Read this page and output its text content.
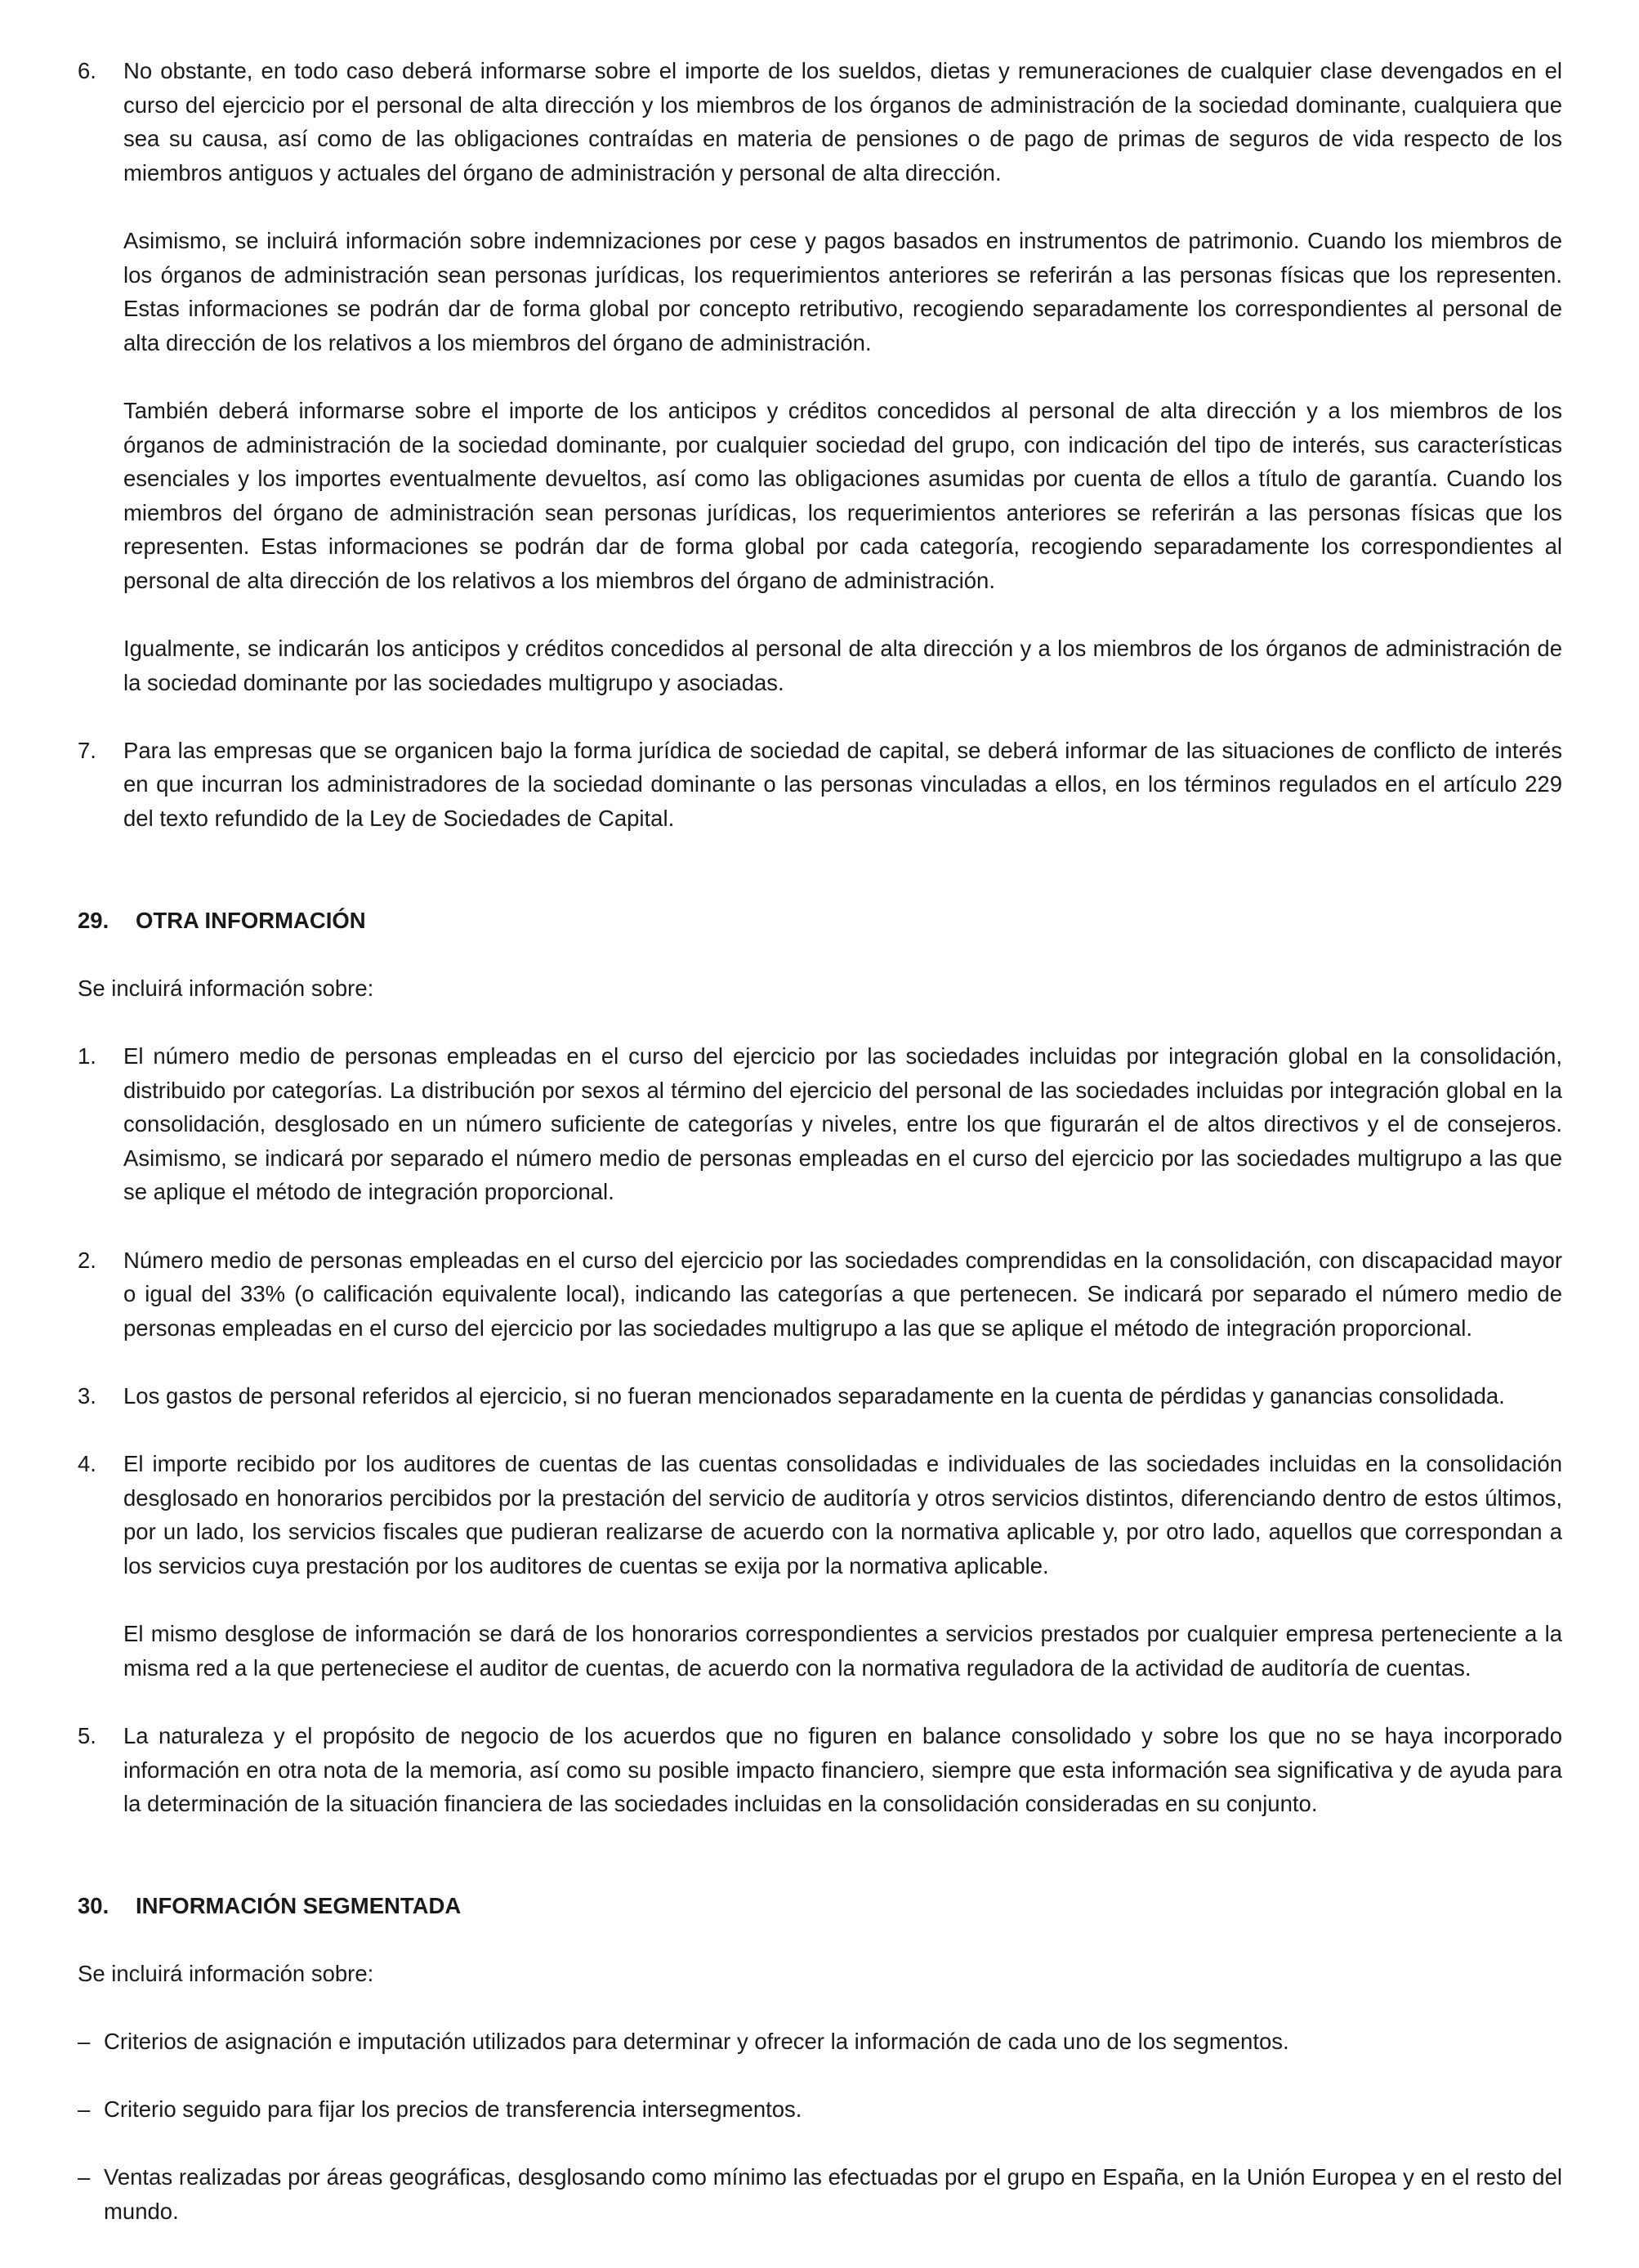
6.	No obstante, en todo caso deberá informarse sobre el importe de los sueldos, dietas y remuneraciones de cualquier clase devengados en el curso del ejercicio por el personal de alta dirección y los miembros de los órganos de administración de la sociedad dominante, cualquiera que sea su causa, así como de las obligaciones contraídas en materia de pensiones o de pago de primas de seguros de vida respecto de los miembros antiguos y actuales del órgano de administración y personal de alta dirección.

Asimismo, se incluirá información sobre indemnizaciones por cese y pagos basados en instrumentos de patrimonio. Cuando los miembros de los órganos de administración sean personas jurídicas, los requerimientos anteriores se referirán a las personas físicas que los representen. Estas informaciones se podrán dar de forma global por concepto retributivo, recogiendo separadamente los correspondientes al personal de alta dirección de los relativos a los miembros del órgano de administración.

También deberá informarse sobre el importe de los anticipos y créditos concedidos al personal de alta dirección y a los miembros de los órganos de administración de la sociedad dominante, por cualquier sociedad del grupo, con indicación del tipo de interés, sus características esenciales y los importes eventualmente devueltos, así como las obligaciones asumidas por cuenta de ellos a título de garantía. Cuando los miembros del órgano de administración sean personas jurídicas, los requerimientos anteriores se referirán a las personas físicas que los representen. Estas informaciones se podrán dar de forma global por cada categoría, recogiendo separadamente los correspondientes al personal de alta dirección de los relativos a los miembros del órgano de administración.

Igualmente, se indicarán los anticipos y créditos concedidos al personal de alta dirección y a los miembros de los órganos de administración de la sociedad dominante por las sociedades multigrupo y asociadas.

7.	Para las empresas que se organicen bajo la forma jurídica de sociedad de capital, se deberá informar de las situaciones de conflicto de interés en que incurran los administradores de la sociedad dominante o las personas vinculadas a ellos, en los términos regulados en el artículo 229 del texto refundido de la Ley de Sociedades de Capital.

29.	OTRA INFORMACIÓN
Se incluirá información sobre:
1.	El número medio de personas empleadas en el curso del ejercicio por las sociedades incluidas por integración global en la consolidación, distribuido por categorías. La distribución por sexos al término del ejercicio del personal de las sociedades incluidas por integración global en la consolidación, desglosado en un número suficiente de categorías y niveles, entre los que figurarán el de altos directivos y el de consejeros. Asimismo, se indicará por separado el número medio de personas empleadas en el curso del ejercicio por las sociedades multigrupo a las que se aplique el método de integración proporcional.

2.	Número medio de personas empleadas en el curso del ejercicio por las sociedades comprendidas en la consolidación, con discapacidad mayor o igual del 33% (o calificación equivalente local), indicando las categorías a que pertenecen. Se indicará por separado el número medio de personas empleadas en el curso del ejercicio por las sociedades multigrupo a las que se aplique el método de integración proporcional.

3.	Los gastos de personal referidos al ejercicio, si no fueran mencionados separadamente en la cuenta de pérdidas y ganancias consolidada.

4.	El importe recibido por los auditores de cuentas de las cuentas consolidadas e individuales de las sociedades incluidas en la consolidación desglosado en honorarios percibidos por la prestación del servicio de auditoría y otros servicios distintos, diferenciando dentro de estos últimos, por un lado, los servicios fiscales que pudieran realizarse de acuerdo con la normativa aplicable y, por otro lado, aquellos que correspondan a los servicios cuya prestación por los auditores de cuentas se exija por la normativa aplicable.

El mismo desglose de información se dará de los honorarios correspondientes a servicios prestados por cualquier empresa perteneciente a la misma red a la que perteneciese el auditor de cuentas, de acuerdo con la normativa reguladora de la actividad de auditoría de cuentas.

5.	La naturaleza y el propósito de negocio de los acuerdos que no figuren en balance consolidado y sobre los que no se haya incorporado información en otra nota de la memoria, así como su posible impacto financiero, siempre que esta información sea significativa y de ayuda para la determinación de la situación financiera de las sociedades incluidas en la consolidación consideradas en su conjunto.

30.	INFORMACIÓN SEGMENTADA
Se incluirá información sobre:
– Criterios de asignación e imputación utilizados para determinar y ofrecer la información de cada uno de los segmentos.

– Criterio seguido para fijar los precios de transferencia intersegmentos.

– Ventas realizadas por áreas geográficas, desglosando como mínimo las efectuadas por el grupo en España, en la Unión Europea y en el resto del mundo.
